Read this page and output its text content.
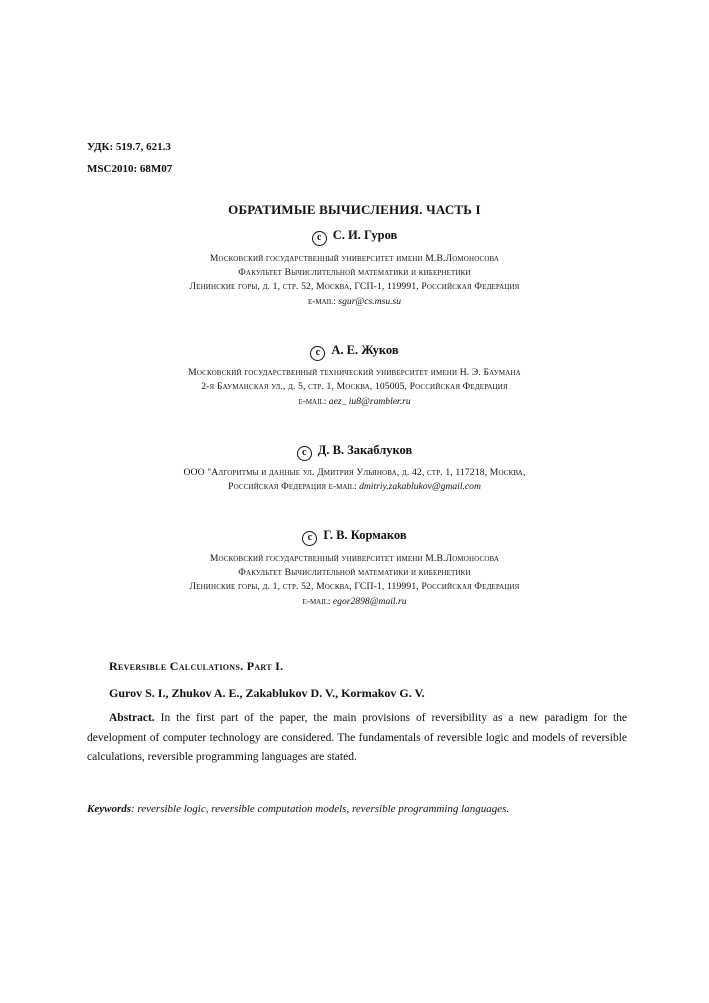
УДК: 519.7, 621.3
MSC2010: 68M07
ОБРАТИМЫЕ ВЫЧИСЛЕНИЯ. ЧАСТЬ I
c С. И. Гуров
Московский государственный университет имени М.В.Ломоносова
Факультет Вычислительной математики и кибернетики
Ленинские горы, д. 1, стр. 52, Москва, ГСП-1, 119991, Российская Федерация
e-mail: sgur@cs.msu.su
c А. Е. Жуков
Московский государственный технический университет имени Н. Э. Баумана
2-я Бауманская ул., д. 5, стр. 1, Москва, 105005, Российская Федерация
e-mail: aez_ iu8@rambler.ru
c Д. В. Закаблуков
ООО "Алгоритмы и данные ул. Дмитрия Ульянова, д. 42, стр. 1, 117218, Москва,
Российская Федерация e-mail: dmitriy.zakablukov@gmail.com
c Г. В. Кормаков
Московский государственный университет имени М.В.Ломоносова
Факультет Вычислительной математики и кибернетики
Ленинские горы, д. 1, стр. 52, Москва, ГСП-1, 119991, Российская Федерация
e-mail: egor2898@mail.ru
Reversible Calculations. Part I.
Gurov S. I., Zhukov A. E., Zakablukov D. V., Kormakov G. V.
Abstract. In the first part of the paper, the main provisions of reversibility as a new paradigm for the development of computer technology are considered. The fundamentals of reversible logic and models of reversible calculations, reversible programming languages are stated.
Keywords: reversible logic, reversible computation models, reversible programming languages.
